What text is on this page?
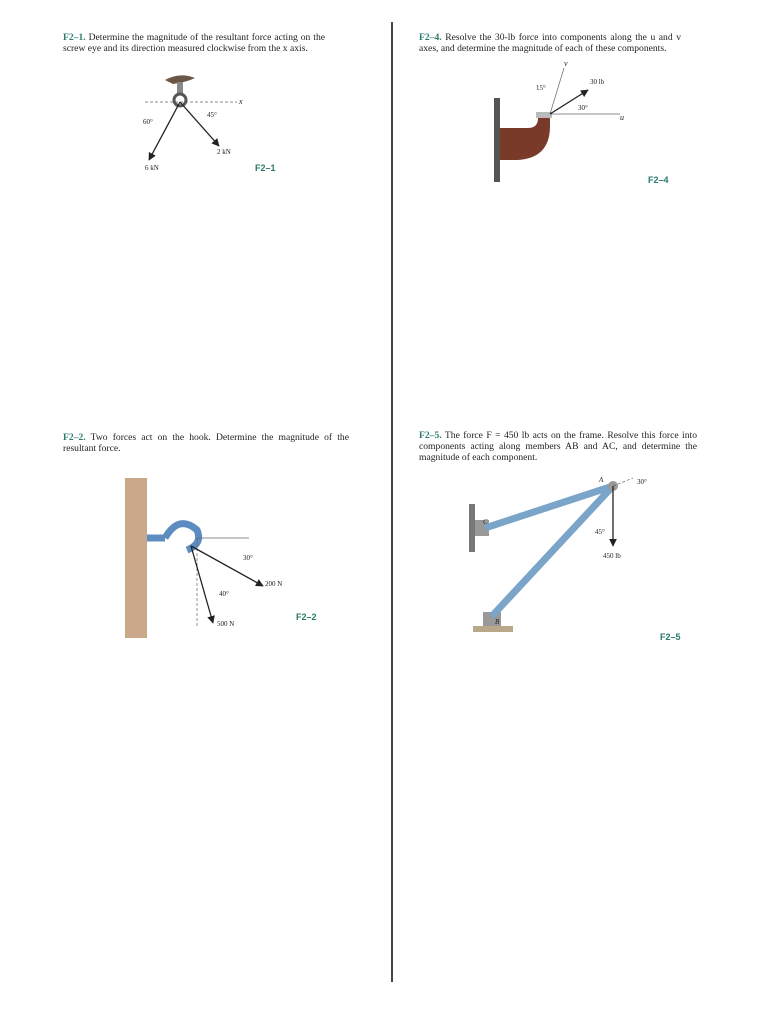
F2–1. Determine the magnitude of the resultant force acting on the screw eye and its direction measured clockwise from the x axis.
x
60°
45°
6 kN
2 kN
F2–1
F2–4. Resolve the 30-lb force into components along the u and v axes, and determine the magnitude of each of these components.
u
v
15°
30°
30 lb
F2–4
F2–2. Two forces act on the hook. Determine the magnitude of the resultant force.
30°
40°
200 N
500 N
F2–2
F2–5. The force F = 450 lb acts on the frame. Resolve this force into components acting along members AB and AC, and determine the magnitude of each component.
C
B
A	30°
45°
450 lb
F2–5
